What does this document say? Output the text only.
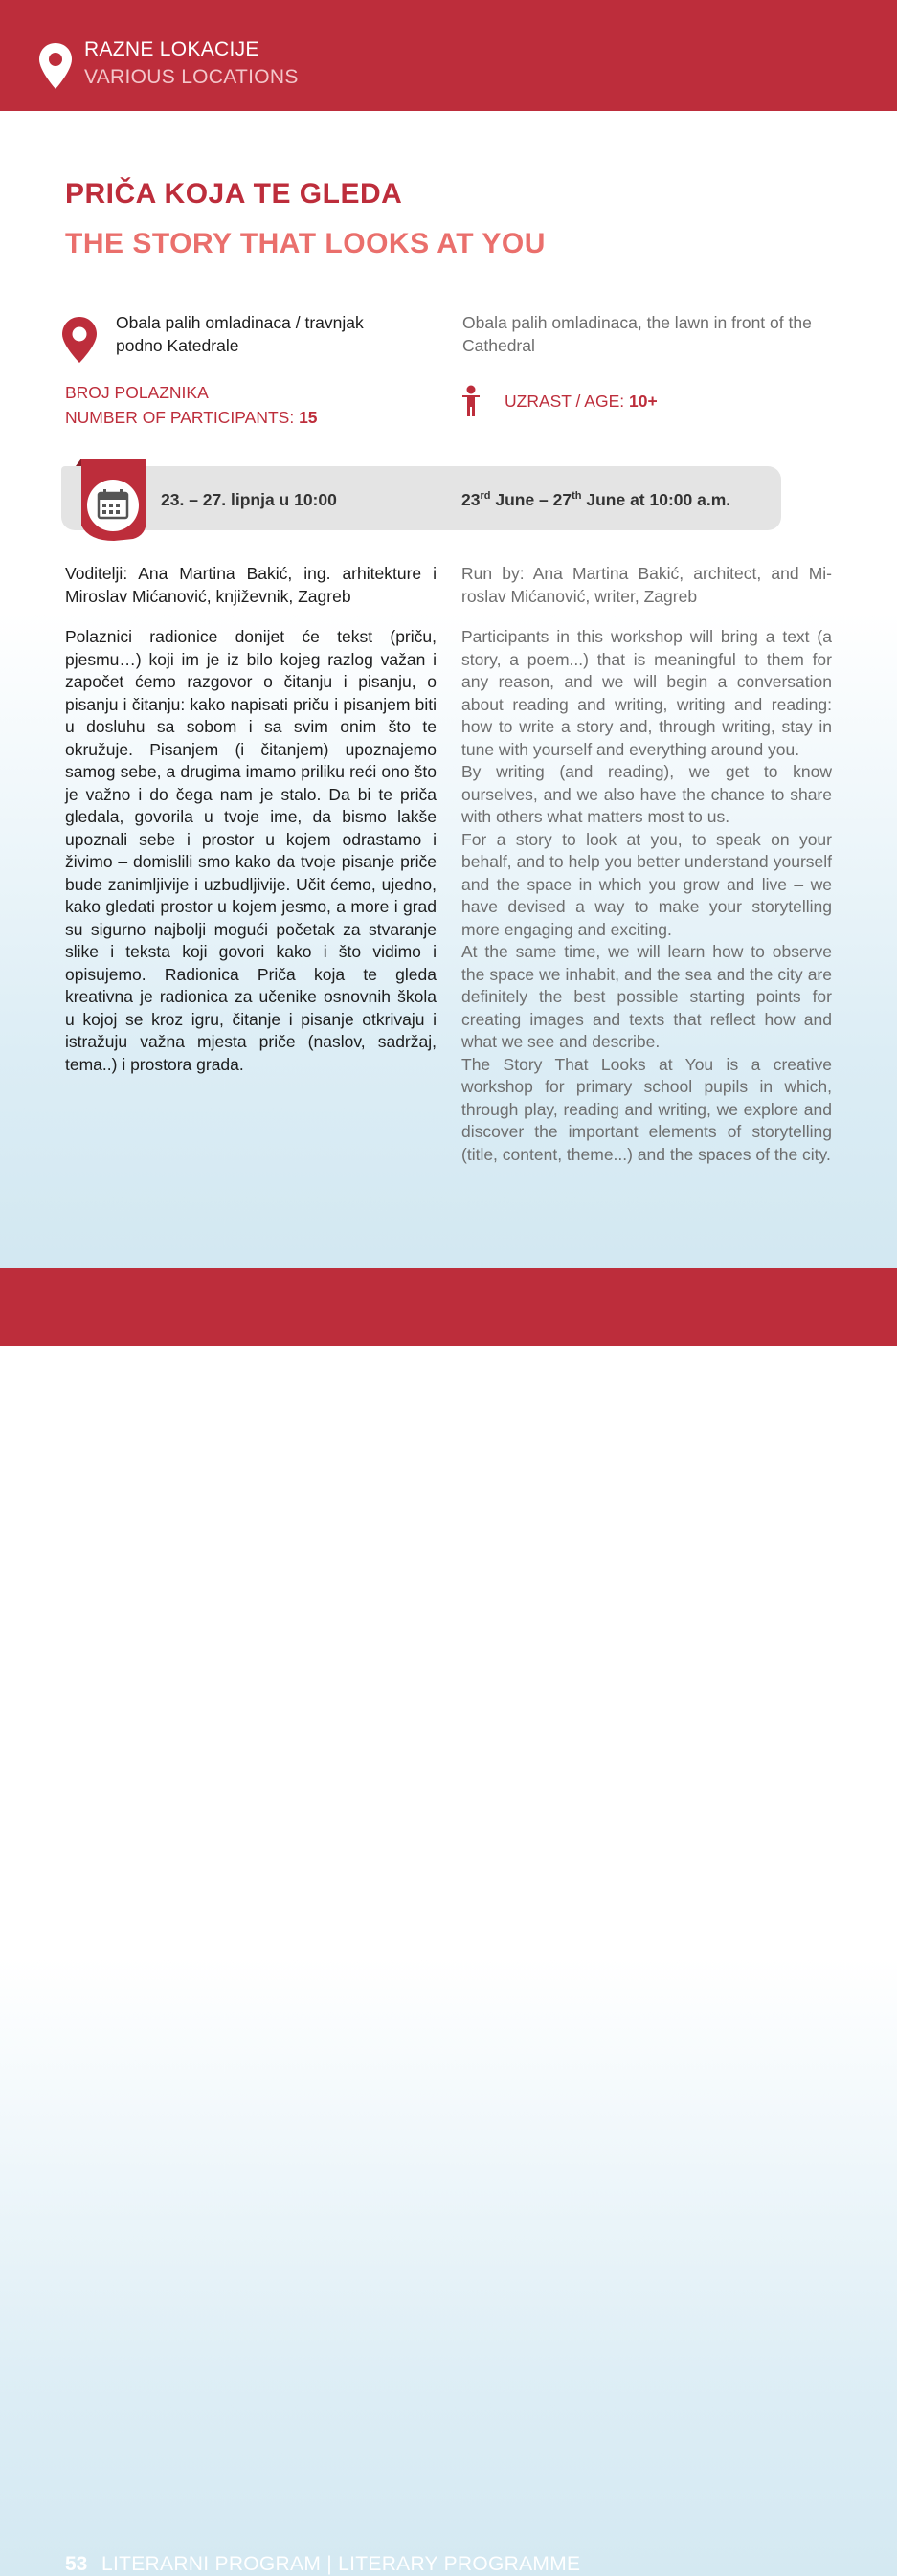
RAZNE LOKACIJE
VARIOUS LOCATIONS
PRIČA KOJA TE GLEDA
THE STORY THAT LOOKS AT YOU
Obala palih omladinaca / travnjak podno Katedrale
Obala palih omladinaca, the lawn in front of the Cathedral
BROJ POLAZNIKA
NUMBER OF PARTICIPANTS: 15
UZRAST / AGE: 10+
23. – 27. lipnja u 10:00	23rd June – 27th June at 10:00 a.m.
Voditelji: Ana Martina Bakić, ing. arhitekture i Miroslav Mićanović, književnik, Zagreb
Run by: Ana Martina Bakić, architect, and Mi-roslav Mićanović, writer, Zagreb
Polaznici radionice donijet će tekst (priču, pjesmu…) koji im je iz bilo kojeg razlog važan i započet ćemo razgovor o čitanju i pisanju, o pisanju i čitanju: kako napisati priču i pisanjem biti u dosluhu sa sobom i sa svim onim što te okružuje. Pisanjem (i čitanjem) upoznajemo samog sebe, a drugima imamo priliku reći ono što je važno i do čega nam je stalo. Da bi te priča gledala, govorila u tvoje ime, da bismo lakše upoznali sebe i prostor u kojem odrastamo i živimo – domislili smo kako da tvoje pisanje priče bude zanimljivije i uzbudljivije. Učit ćemo, ujedno, kako gledati prostor u kojem jesmo, a more i grad su sigurno najbolji mogući početak za stvaranje slike i teksta koji govori kako i što vidimo i opisujemo. Radionica Priča koja te gleda kreativna je radionica za učenike osnovnih škola u kojoj se kroz igru, čitanje i pisanje otkrivaju i istražuju važna mjesta priče (naslov, sadržaj, tema..) i prostora grada.

Participants in this workshop will bring a text (a story, a poem...) that is meaningful to them for any reason, and we will begin a conversation about reading and writing, writing and reading: how to write a story and, through writing, stay in tune with yourself and everything around you.

By writing (and reading), we get to know ourselves, and we also have the chance to share with others what matters most to us.

For a story to look at you, to speak on your behalf, and to help you better understand yourself and the space in which you grow and live – we have devised a way to make your storytelling more engaging and exciting.

At the same time, we will learn how to observe the space we inhabit, and the sea and the city are definitely the best possible starting points for creating images and texts that reflect how and what we see and describe.

The Story That Looks at You is a creative workshop for primary school pupils in which, through play, reading and writing, we explore and discover the important elements of storytelling (title, content, theme...) and the spaces of the city.

53 LITERARNI PROGRAM | LITERARY PROGRAMME
